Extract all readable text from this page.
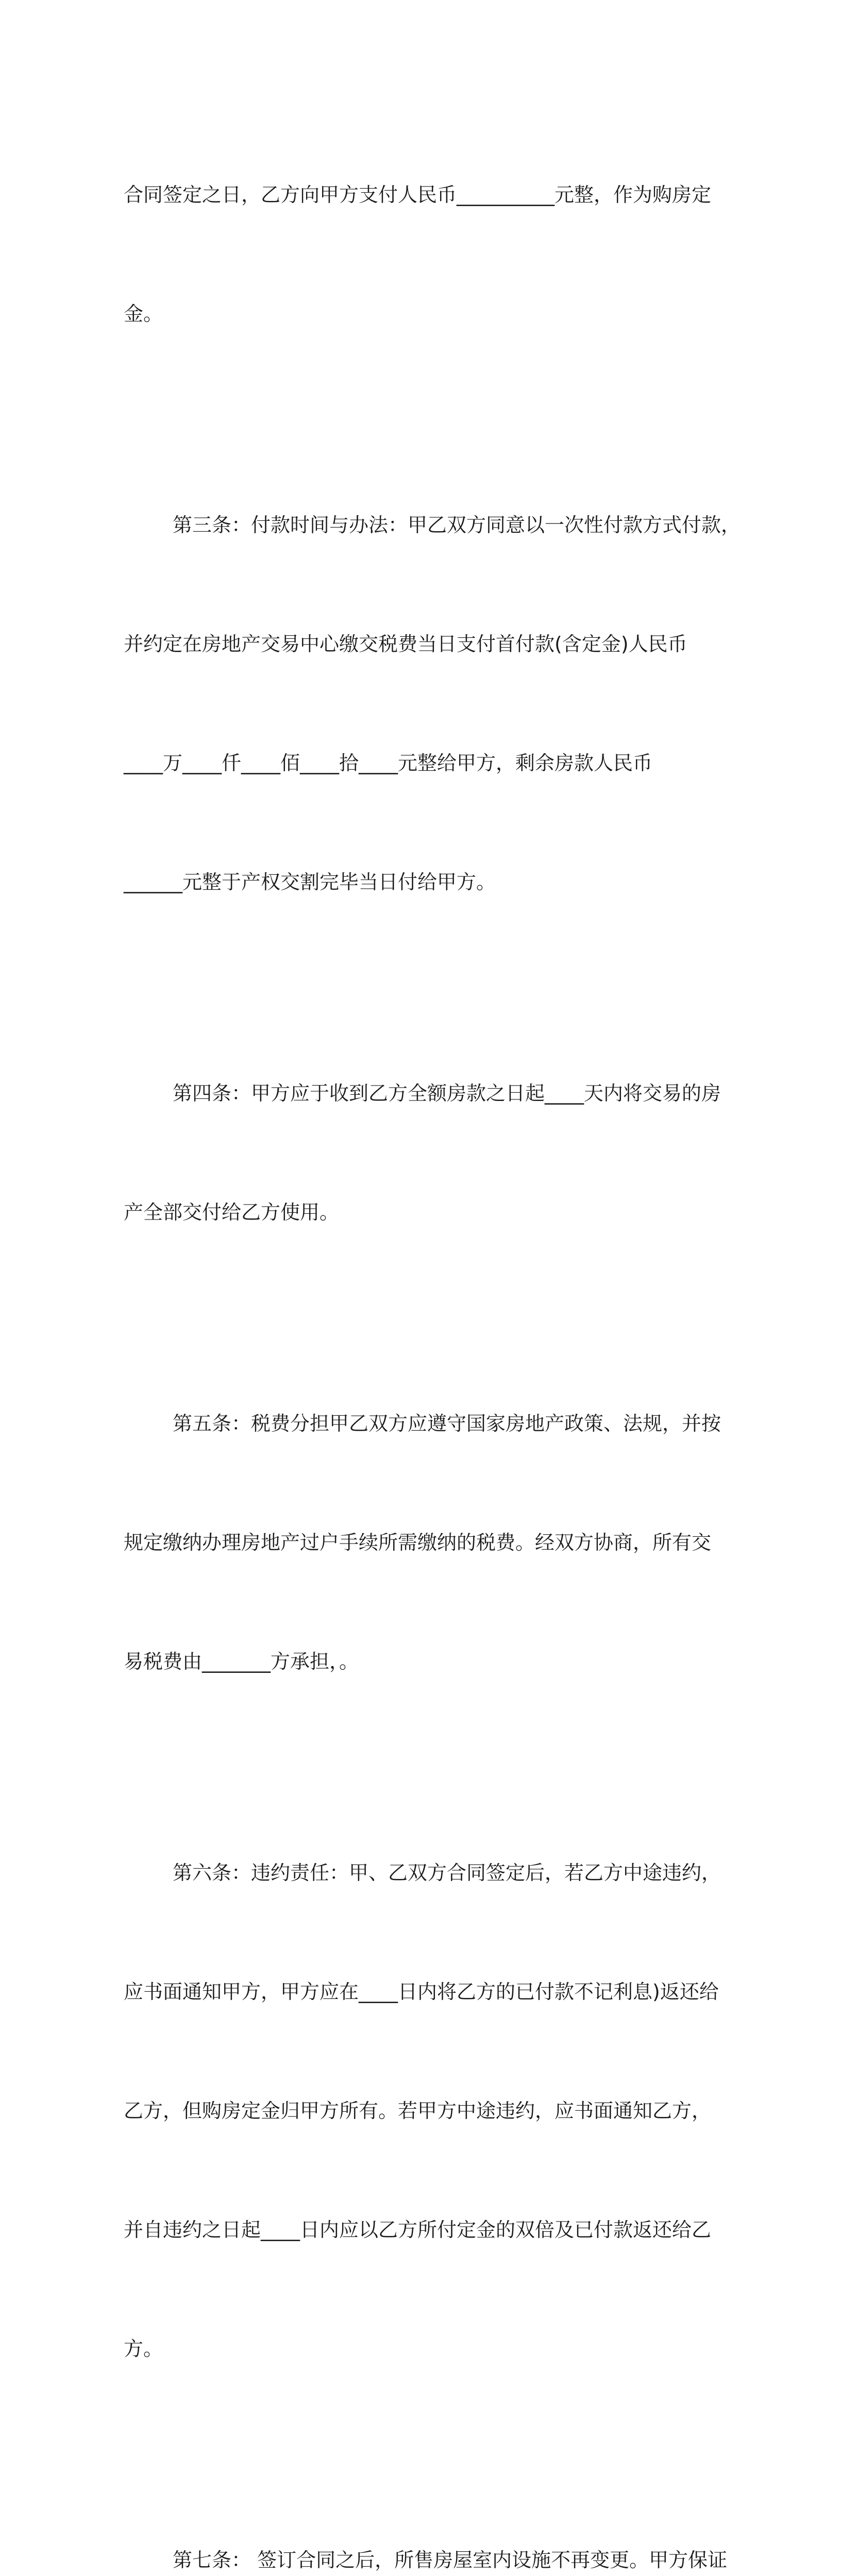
合同签定之日，乙方向甲方支付人民币__________元整，作为购房定

金。

第三条：付款时间与办法：甲乙双方同意以一次性付款方式付款，

并约定在房地产交易中心缴交税费当日支付首付款(含定金)人民币

____万____仟____佰____拾____元整给甲方，剩余房款人民币

______元整于产权交割完毕当日付给甲方。

第四条：甲方应于收到乙方全额房款之日起____天内将交易的房

产全部交付给乙方使用。

第五条：税费分担甲乙双方应遵守国家房地产政策、法规，并按

规定缴纳办理房地产过户手续所需缴纳的税费。经双方协商，所有交

易税费由_______方承担，。

第六条：违约责任：甲、乙双方合同签定后，若乙方中途违约，

应书面通知甲方，甲方应在____日内将乙方的已付款不记利息)返还给

乙方，但购房定金归甲方所有。若甲方中途违约，应书面通知乙方，

并自违约之日起____日内应以乙方所付定金的双倍及已付款返还给乙

方。

第七条： 签订合同之后，所售房屋室内设施不再变更。甲方保证
